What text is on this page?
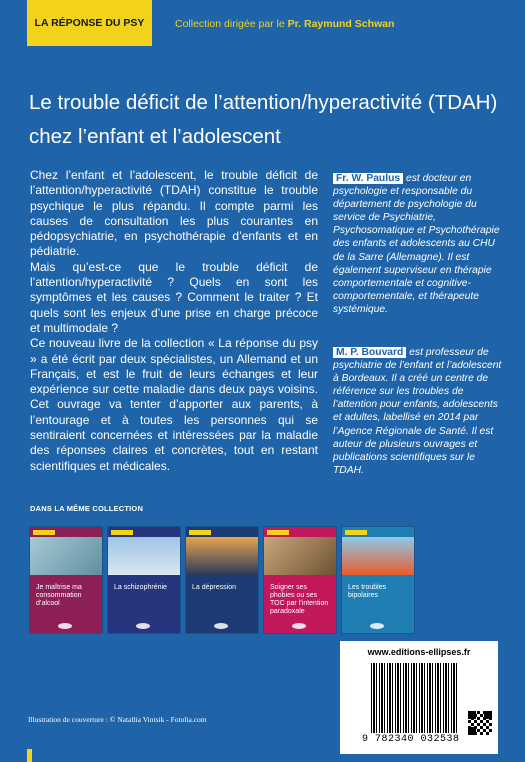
LA RÉPONSE DU PSY	Collection dirigée par le Pr. Raymund Schwan
Le trouble déficit de l’attention/hyperactivité (TDAH) chez l’enfant et l’adolescent

Chez l’enfant et l’adolescent, le trouble déficit de l’attention/hyperactivité (TDAH) constitue le trouble psychique le plus répandu. Il compte parmi les causes de consultation les plus courantes en pédopsychiatrie, en psychothérapie d’enfants et en pédiatrie.

Mais qu’est-ce que le trouble déficit de l’attention/hyperactivité ? Quels en sont les symptômes et les causes ? Comment le traiter ? Et quels sont les enjeux d’une prise en charge précoce et multimodale ?

Ce nouveau livre de la collection « La réponse du psy » a été écrit par deux spécialistes, un Allemand et un Français, et est le fruit de leurs échanges et leur expérience sur cette maladie dans deux pays voisins. Cet ouvrage va tenter d’apporter aux parents, à l’entourage et à toutes les personnes qui se sentiraient concernées et intéressées par la maladie des réponses claires et concrètes, tout en restant scientifiques et médicales.

Fr. W. Paulus est docteur en psychologie et responsable du département de psychologie du service de Psychiatrie, Psychosomatique et Psychothérapie des enfants et adolescents au CHU de la Sarre (Allemagne). Il est également superviseur en thérapie comportementale et cognitive-comportementale, et thérapeute systémique.
M. P. Bouvard est professeur de psychiatrie de l’enfant et l’adolescent à Bordeaux. Il a créé un centre de référence sur les troubles de l’attention pour enfants, adolescents et adultes, labellisé en 2014 par l’Agence Régionale de Santé. Il est auteur de plusieurs ouvrages et publications scientifiques sur le TDAH.
DANS LA MÊME COLLECTION
Je maîtrise ma consommation d’alcool
La schizophrénie	La dépression	Soigner ses phobies ou ses TOC par l’intention paradoxale
Les troubles bipolaires
www.editions-ellipses.fr
9 782340 032538
Illustration de couverture : © Natallia Vintsik - Fotolia.com
